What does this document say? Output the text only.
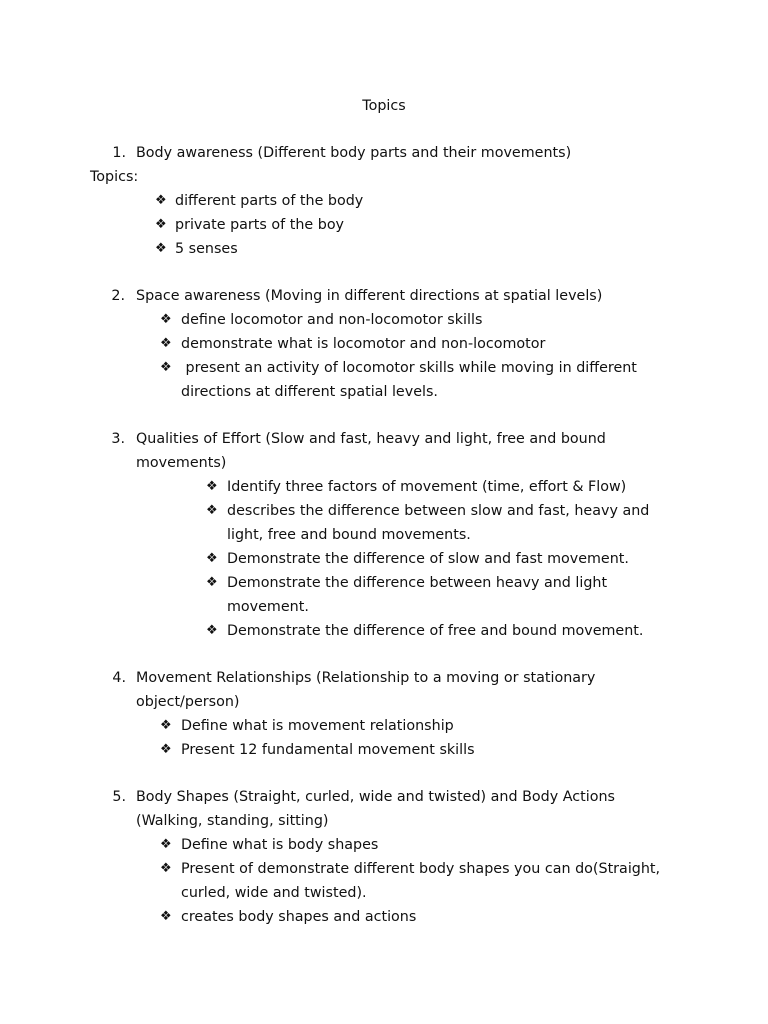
Topics
1. Body awareness (Different body parts and their movements)
Topics:
❖ different parts of the body
❖ private parts of the boy
❖ 5 senses
2. Space awareness (Moving in different directions at spatial levels)
❖ define locomotor and non-locomotor skills
❖ demonstrate what is locomotor and non-locomotor
❖ present an activity of locomotor skills while moving in different
directions at different spatial levels.
3. Qualities of Effort (Slow and fast, heavy and light, free and bound
movements)
❖ Identify three factors of movement (time, effort & Flow)
❖ describes the difference between slow and fast, heavy and
light, free and bound movements.
❖ Demonstrate the difference of slow and fast movement.
❖ Demonstrate the difference between heavy and light
movement.
❖ Demonstrate the difference of free and bound movement.
4. Movement Relationships (Relationship to a moving or stationary
object/person)
❖ Define what is movement relationship
❖ Present 12 fundamental movement skills
5. Body Shapes (Straight, curled, wide and twisted) and Body Actions
(Walking, standing, sitting)
❖ Define what is body shapes
❖ Present of demonstrate different body shapes you can do(Straight,
curled, wide and twisted).
❖ creates body shapes and actions
